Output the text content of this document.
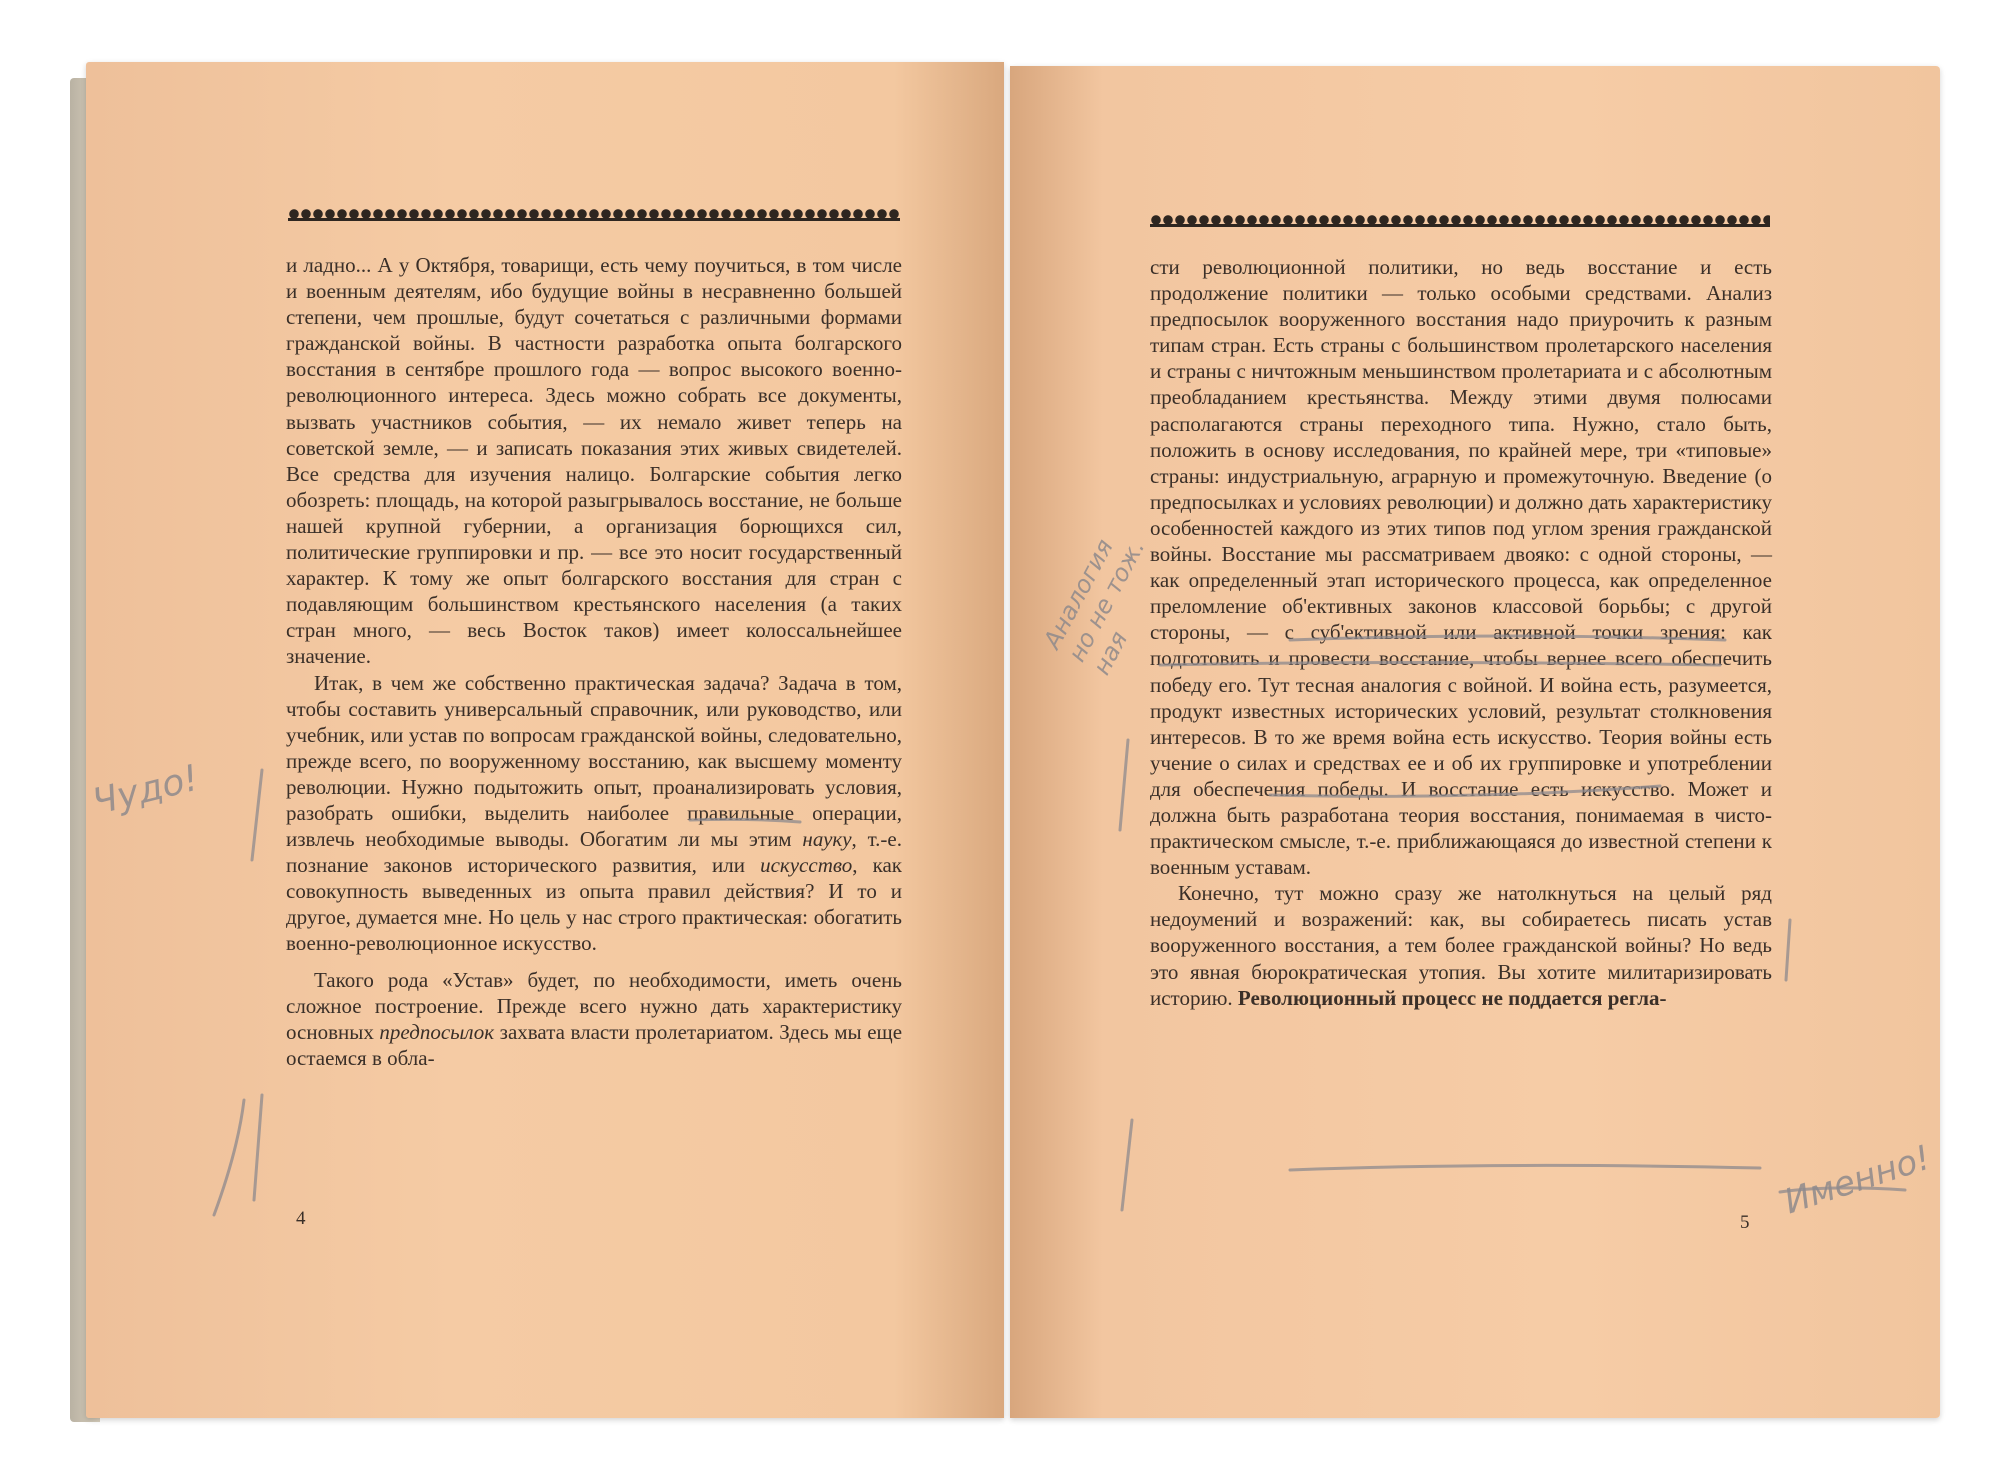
и ладно... А у Октября, товарищи, есть чему поучиться, в том числе и военным деятелям, ибо будущие войны в несравненно большей степени, чем прошлые, будут сочетаться с различными формами гражданской войны. В частности разработка опыта болгарского восстания в сентябре прошлого года — вопрос высокого военно-революционного интереса. Здесь можно собрать все документы, вызвать участников события, — их немало живет теперь на советской земле, — и записать показания этих живых свидетелей. Все средства для изучения налицо. Болгарские события легко обозреть: площадь, на которой разыгрывалось восстание, не больше нашей крупной губернии, а организация борющихся сил, политические группировки и пр. — все это носит государственный характер. К тому же опыт болгарского восстания для стран с подавляющим большинством крестьянского населения (а таких стран много, — весь Восток таков) имеет колоссальнейшее значение.

Итак, в чем же собственно практическая задача? Задача в том, чтобы составить универсальный справочник, или руководство, или учебник, или устав по вопросам гражданской войны, следовательно, прежде всего, по вооруженному восстанию, как высшему моменту революции. Нужно подытожить опыт, проанализировать условия, разобрать ошибки, выделить наиболее правильные операции, извлечь необходимые выводы. Обогатим ли мы этим науку, т.-е. познание законов исторического развития, или искусство, как совокупность выведенных из опыта правил действия? И то и другое, думается мне. Но цель у нас строго практическая: обогатить военно-революционное искусство.

Такого рода «Устав» будет, по необходимости, иметь очень сложное построение. Прежде всего нужно дать характеристику основных предпосылок захвата власти пролетариатом. Здесь мы еще остаемся в обла-

сти революционной политики, но ведь восстание и есть продолжение политики — только особыми средствами. Анализ предпосылок вооруженного восстания надо приурочить к разным типам стран. Есть страны с большинством пролетарского населения и страны с ничтожным меньшинством пролетариата и с абсолютным преобладанием крестьянства. Между этими двумя полюсами располагаются страны переходного типа. Нужно, стало быть, положить в основу исследования, по крайней мере, три «типовые» страны: индустриальную, аграрную и промежуточную. Введение (о предпосылках и условиях революции) и должно дать характеристику особенностей каждого из этих типов под углом зрения гражданской войны. Восстание мы рассматриваем двояко: с одной стороны, — как определенный этап исторического процесса, как определенное преломление об'ективных законов классовой борьбы; с другой стороны, — с суб'ективной или активной точки зрения: как подготовить и провести восстание, чтобы вернее всего обеспечить победу его. Тут тесная аналогия с войной. И война есть, разумеется, продукт известных исторических условий, результат столкновения интересов. В то же время война есть искусство. Теория войны есть учение о силах и средствах ее и об их группировке и употреблении для обеспечения победы. И восстание есть искусство. Может и должна быть разработана теория восстания, понимаемая в чисто-практическом смысле, т.-е. приближающаяся до известной степени к военным уставам.

Конечно, тут можно сразу же натолкнуться на целый ряд недоумений и возражений: как, вы собираетесь писать устав вооруженного восстания, а тем более гражданской войны? Но ведь это явная бюрократическая утопия. Вы хотите милитаризировать историю. Революционный процесс не поддается регла-

4	5
Чудо!
Аналогия
но не тож.
ная
Именно!
